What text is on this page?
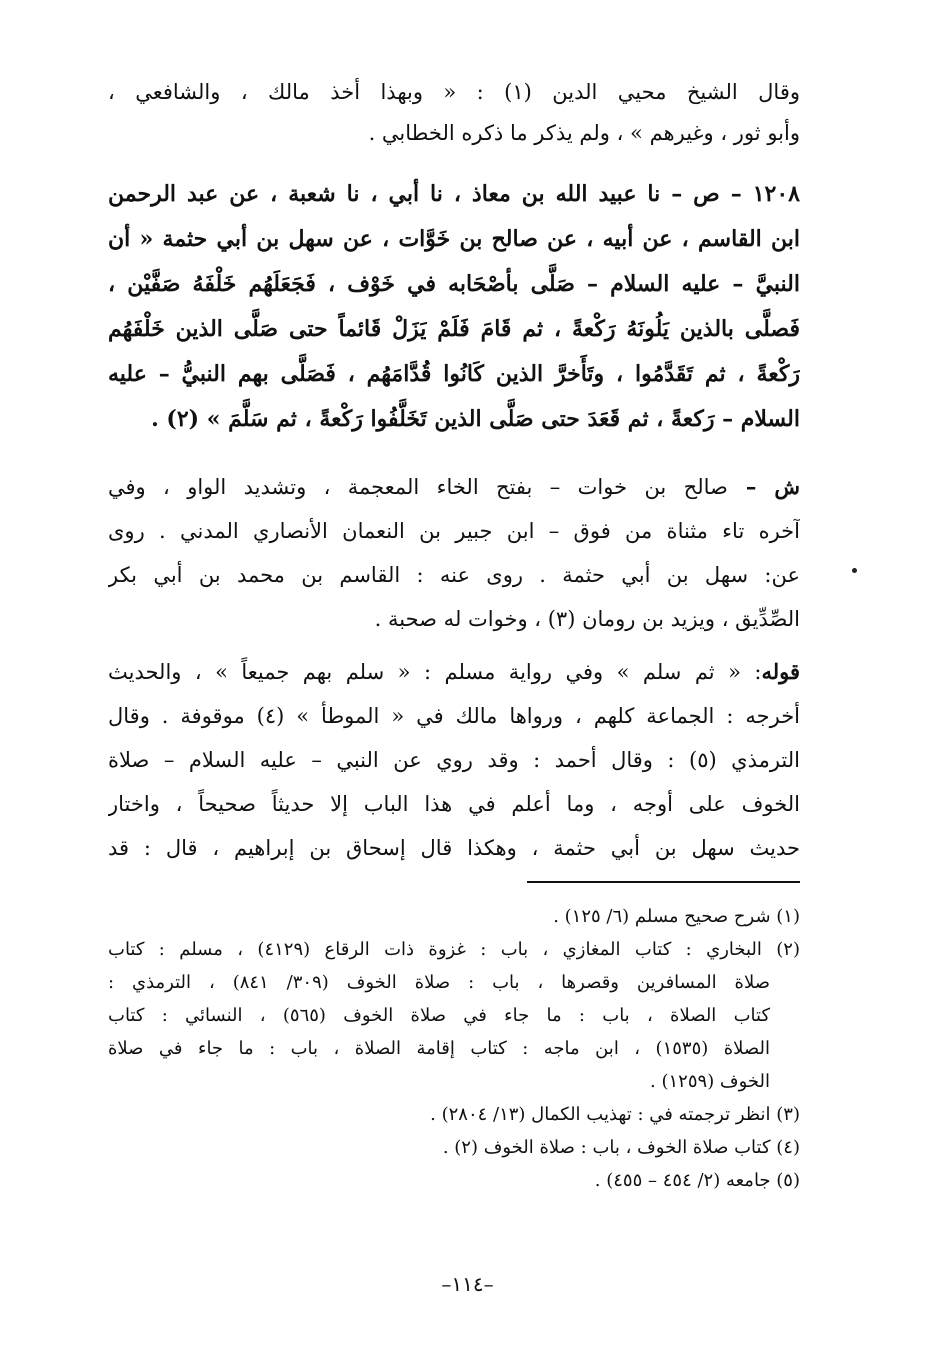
وقال الشيخ محيي الدين (١) : « وبهذا أخذ مالك ، والشافعي ،
وأبو ثور ، وغيرهم » ، ولم يذكر ما ذكره الخطابي .
١٢٠٨ – ص – نا عبيد الله بن معاذ ، نا أبي ، نا شعبة ، عن عبد الرحمن
ابن القاسم ، عن أبيه ، عن صالح بن خَوَّات ، عن سهل بن أبي حثمة « أن
النبيَّ – عليه السلام – صَلَّى بأصْحَابه في خَوْف ، فَجَعَلَهُم خَلْفَهُ صَفَّيْن ،
فَصلَّى بالذين يَلُونَهُ رَكْعةً ، ثم قَامَ فَلَمْ يَزَلْ قَائماً حتى صَلَّى الذين خَلْفَهُم
رَكْعةً ، ثم تَقَدَّمُوا ، وتَأَخرَّ الذين كَانُوا قُدَّامَهُم ، فَصَلَّى بهم النبيُّ – عليه
السلام – رَكعةً ، ثم قَعَدَ حتى صَلَّى الذين تَخَلَّفُوا رَكْعةً ، ثم سَلَّمَ » (٢) .
ش – صالح بن خوات – بفتح الخاء المعجمة ، وتشديد الواو ، وفي
آخره تاء مثناة من فوق – ابن جبير بن النعمان الأنصاري المدني . روى
عن: سهل بن أبي حثمة . روى عنه : القاسم بن محمد بن أبي بكر
الصِّدِّيق ، ويزيد بن رومان (٣) ، وخوات له صحبة .
قوله: « ثم سلم » وفي رواية مسلم : « سلم بهم جميعاً » ، والحديث
أخرجه : الجماعة كلهم ، ورواها مالك في « الموطأ » (٤) موقوفة . وقال
الترمذي (٥) : وقال أحمد : وقد روي عن النبي – عليه السلام – صلاة
الخوف على أوجه ، وما أعلم في هذا الباب إلا حديثاً صحيحاً ، واختار
حديث سهل بن أبي حثمة ، وهكذا قال إسحاق بن إبراهيم ، قال : قد
(١) شرح صحيح مسلم (٦/ ١٢٥) .
(٢) البخاري : كتاب المغازي ، باب : غزوة ذات الرقاع (٤١٢٩) ، مسلم : كتاب
صلاة المسافرين وقصرها ، باب : صلاة الخوف (٣٠٩/ ٨٤١) ، الترمذي :
كتاب الصلاة ، باب : ما جاء في صلاة الخوف (٥٦٥) ، النسائي : كتاب
الصلاة (١٥٣٥) ، ابن ماجه : كتاب إقامة الصلاة ، باب : ما جاء في صلاة
الخوف (١٢٥٩) .
(٣) انظر ترجمته في : تهذيب الكمال (١٣/ ٢٨٠٤) .
(٤) كتاب صلاة الخوف ، باب : صلاة الخوف (٢) .
(٥) جامعه (٢/ ٤٥٤ – ٤٥٥) .
–١١٤–
